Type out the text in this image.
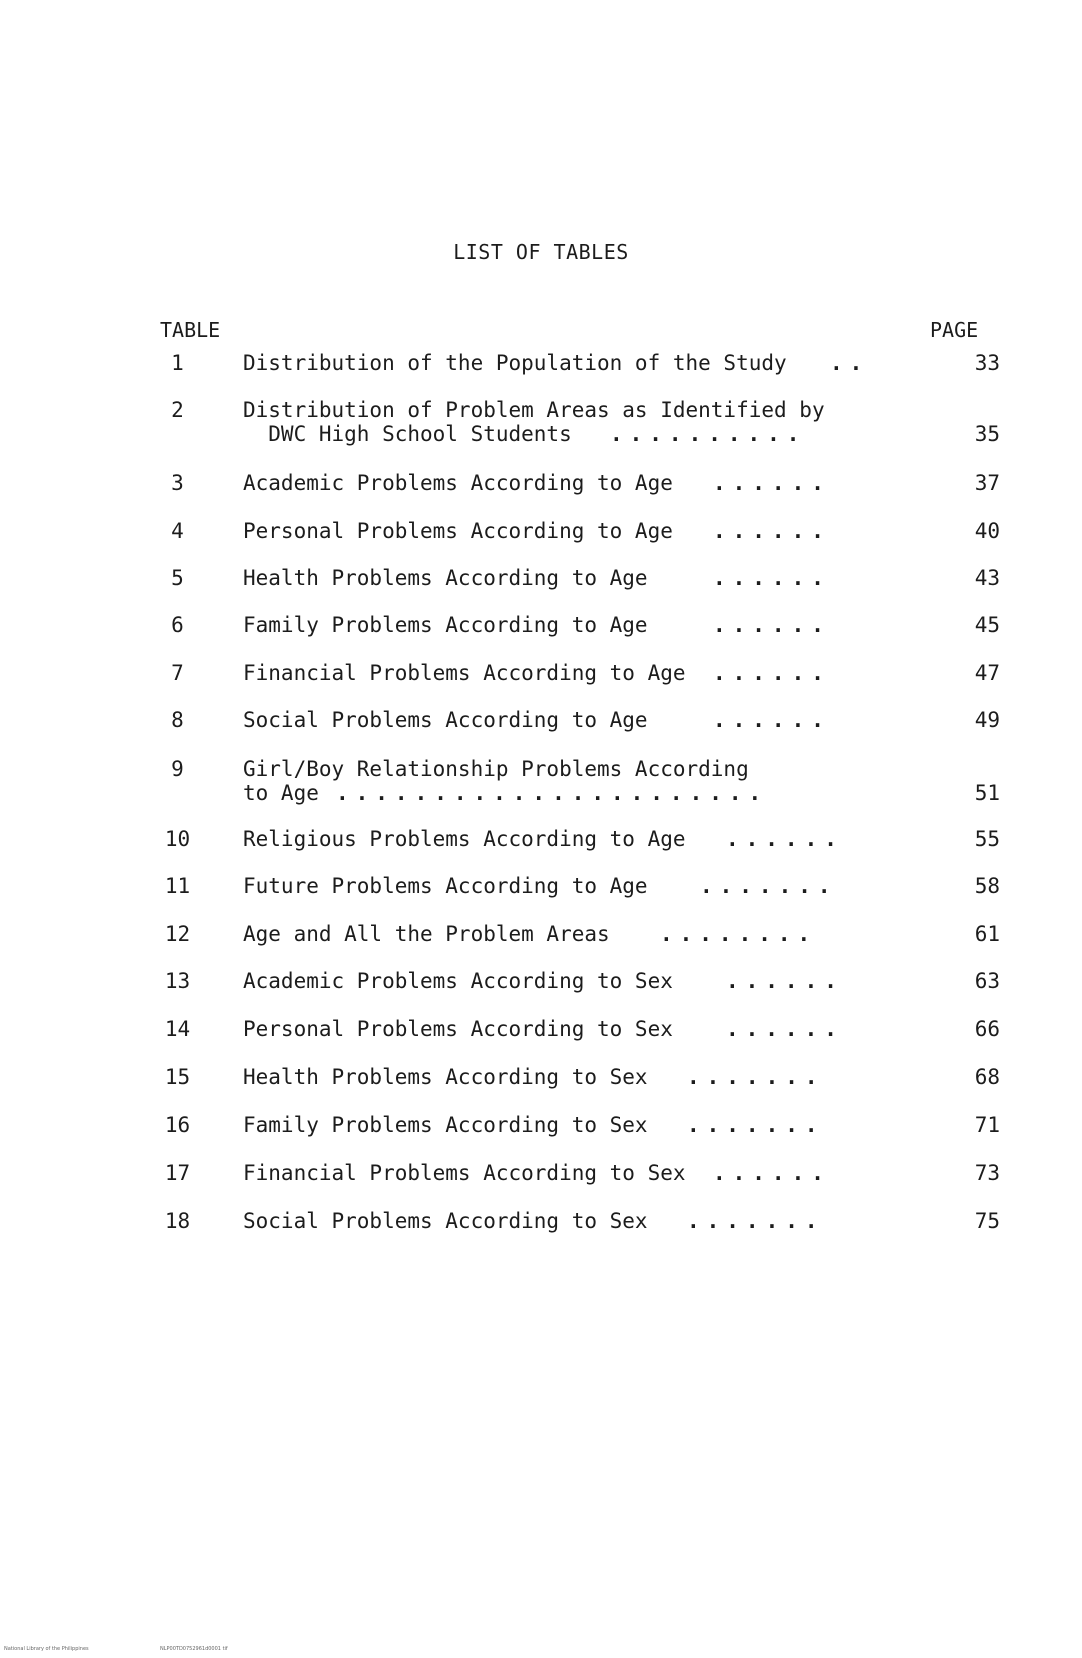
LIST OF TABLES
TABLE	PAGE
1	Distribution of the Population of the Study ..	33
2	Distribution of Problem Areas as Identified by
DWC High School Students ..........	35
3	Academic Problems According to Age ......	37
4	Personal Problems According to Age ......	40
5	Health Problems According to Age	......	43
6	Family Problems According to Age	......	45
7	Financial Problems According to Age ......	47
8	Social Problems According to Age	......	49
9	Girl/Boy Relationship Problems According
to Age ......................	51
10	Religious Problems According to Age ......	55
11	Future Problems According to Age .......	58
12	Age and All the Problem Areas ........	61
13	Academic Problems According to Sex	......	63
14	Personal Problems According to Sex	......	66
15	Health Problems According to Sex .......	68
16	Family Problems According to Sex .......	71
17	Financial Problems According to Sex ......	73
18	Social Problems According to Sex .......	75
National Library of the Philippines	NLP00TD0752961d0001 tif
